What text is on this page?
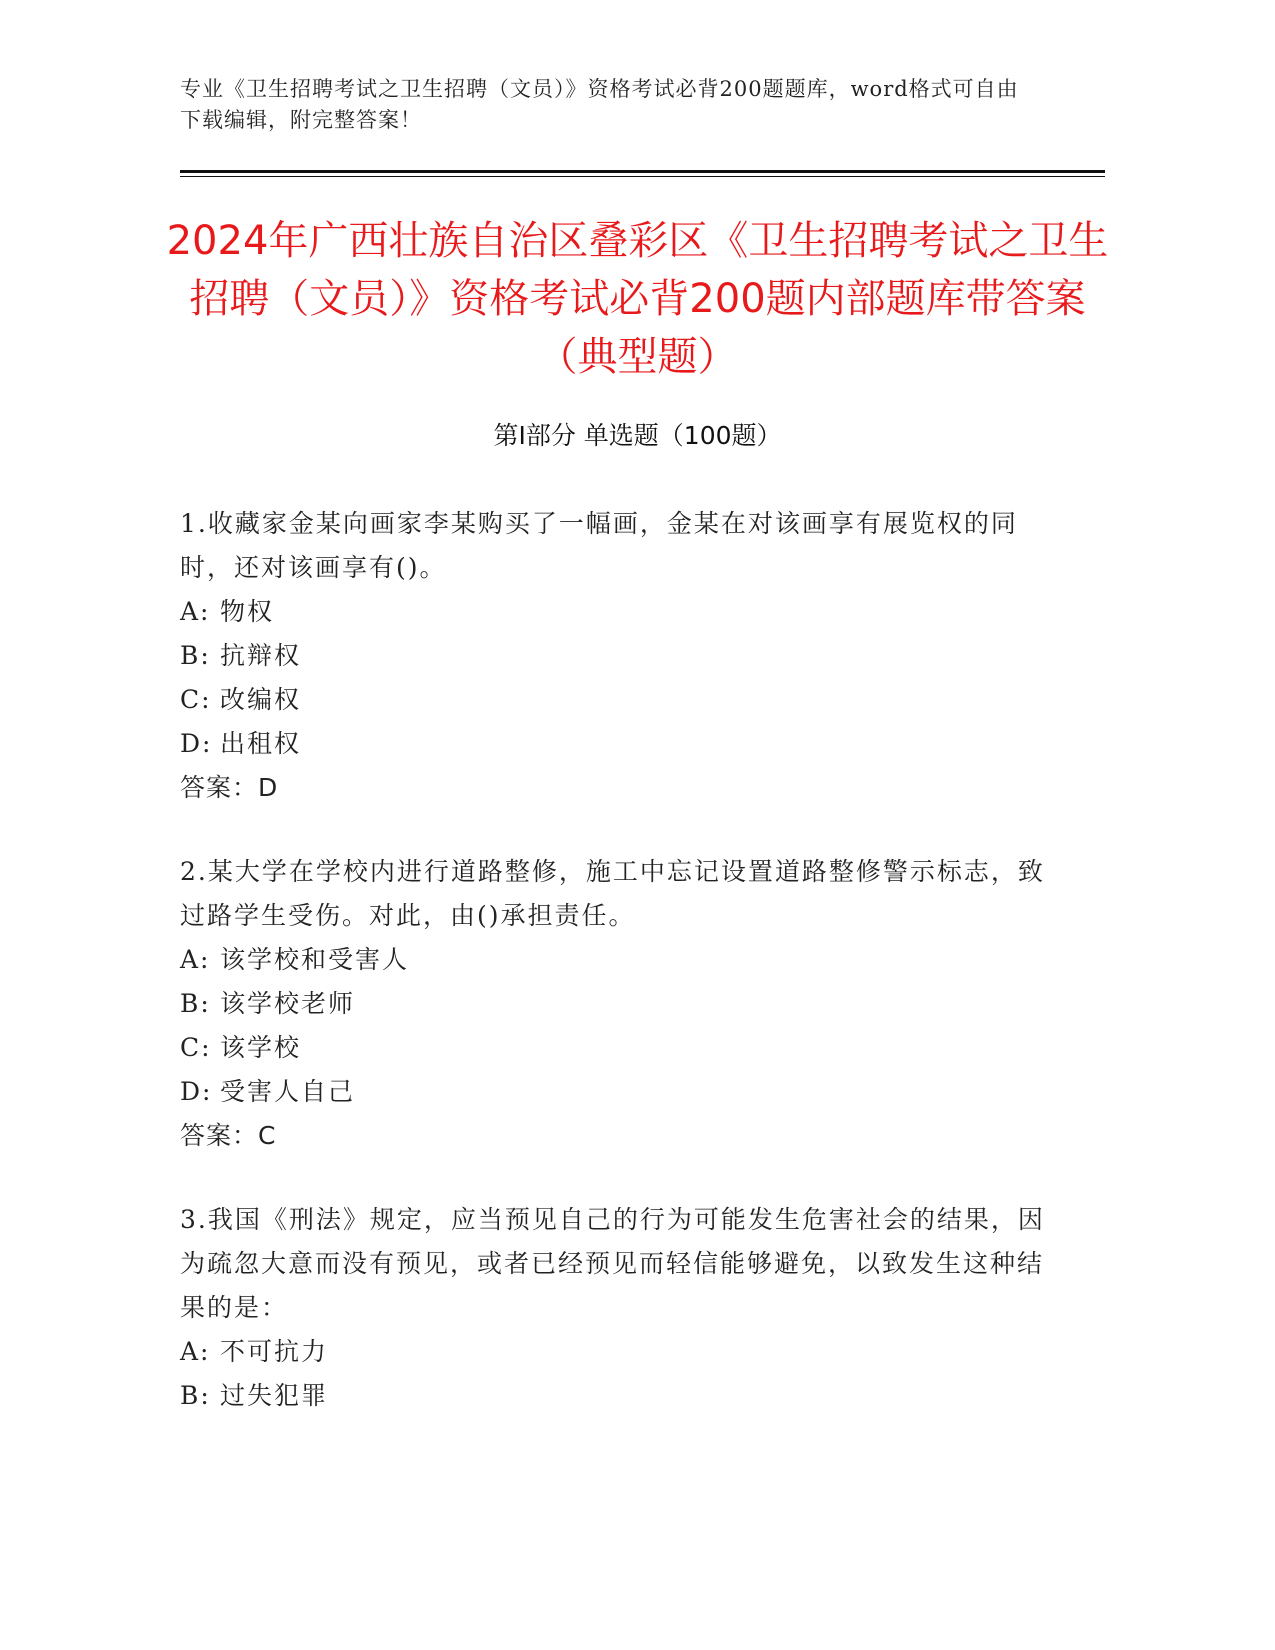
专业《卫生招聘考试之卫生招聘（文员）》资格考试必背200题题库，word格式可自由下载编辑，附完整答案！
2024年广西壮族自治区叠彩区《卫生招聘考试之卫生招聘（文员）》资格考试必背200题内部题库带答案（典型题）
第I部分 单选题（100题）

1.收藏家金某向画家李某购买了一幅画，金某在对该画享有展览权的同时，还对该画享有()。

A: 物权

B: 抗辩权

C: 改编权

D: 出租权

答案：D

2.某大学在学校内进行道路整修，施工中忘记设置道路整修警示标志，致过路学生受伤。对此，由()承担责任。

A: 该学校和受害人

B: 该学校老师

C: 该学校

D: 受害人自己

答案：C

3.我国《刑法》规定，应当预见自己的行为可能发生危害社会的结果，因为疏忽大意而没有预见，或者已经预见而轻信能够避免，以致发生这种结果的是：

A: 不可抗力

B: 过失犯罪
